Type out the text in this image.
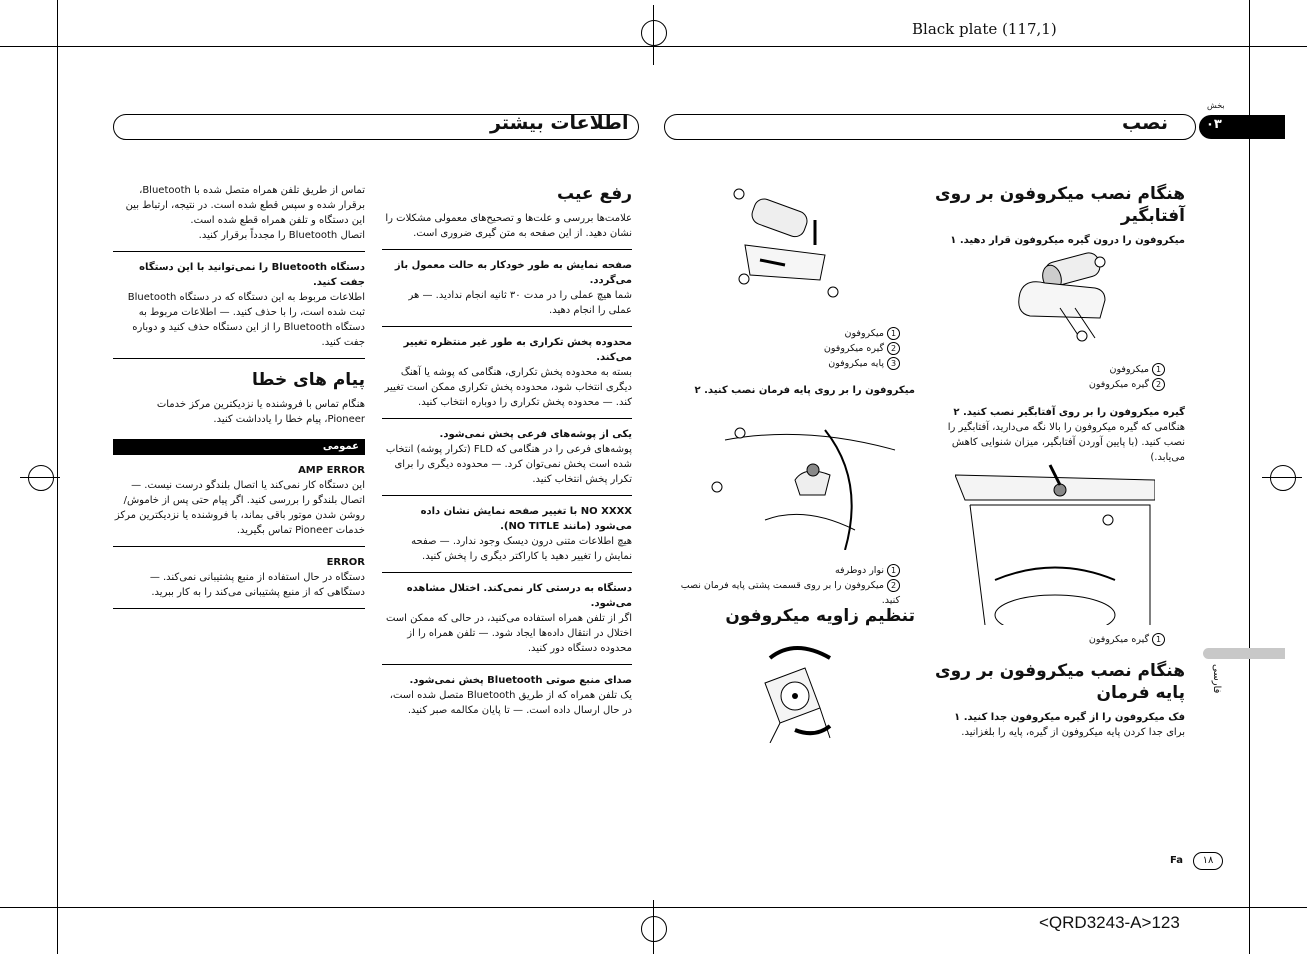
Black plate (117,1)
اطلاعات بیشتر	نصب	۰۳
بخش
هنگام نصب میکروفون بر روی آفتابگیر
میکروفون را درون گیره میکروفون قرار دهید. ۱
1میکروفون
2گیره میکروفون
گیره میکروفون را بر روی آفتابگیر نصب کنید. ۲
هنگامی که گیره میکروفون را بالا نگه می‌دارید، آفتابگیر را نصب کنید. (با پایین آوردن آفتابگیر، میزان شنوایی کاهش می‌یابد.)
1گیره میکروفون
هنگام نصب میکروفون بر روی پایه فرمان
فک میکروفون را از گیره میکروفون جدا کنید. ۱
برای جدا کردن پایه میکروفون از گیره، پایه را بلغزانید.
1میکروفون
2گیره میکروفون
3پایه میکروفون
میکروفون را بر روی پایه فرمان نصب کنید. ۲
1نوار دوطرفه
2میکروفون را بر روی قسمت پشتی پایه فرمان نصب کنید.
تنظیم زاویه میکروفون
رفع عیب
علامت‌ها بررسی و علت‌ها و تصحیح‌های معمولی مشکلات را نشان دهید. از این صفحه به متن گیری ضروری است.
صفحه نمایش به طور خودکار به حالت معمول باز می‌گردد.
شما هیچ عملی را در مدت ۳۰ ثانیه انجام ندادید. — هر عملی را انجام دهید.
محدوده پخش تکراری به طور غیر منتظره تغییر می‌کند.
بسته به محدوده پخش تکراری، هنگامی که پوشه یا آهنگ دیگری انتخاب شود، محدوده پخش تکراری ممکن است تغییر کند. — محدوده پخش تکراری را دوباره انتخاب کنید.
یکی از پوشه‌های فرعی پخش نمی‌شود.
پوشه‌های فرعی را در هنگامی که FLD (تکرار پوشه) انتخاب شده است پخش نمی‌توان کرد. — محدوده دیگری را برای تکرار پخش انتخاب کنید.
NO XXXX با تغییر صفحه نمایش نشان داده می‌شود (مانند NO TITLE).
هیچ اطلاعات متنی درون دیسک وجود ندارد. — صفحه نمایش را تغییر دهید یا کاراکتر دیگری را پخش کنید.
دستگاه به درستی کار نمی‌کند. اختلال مشاهده می‌شود.
اگر از تلفن همراه استفاده می‌کنید، در حالی که ممکن است اختلال در انتقال داده‌ها ایجاد شود. — تلفن همراه را از محدوده دستگاه دور کنید.
صدای منبع صوتی Bluetooth پخش نمی‌شود.
یک تلفن همراه که از طریق Bluetooth متصل شده است، در حال ارسال داده است. — تا پایان مکالمه صبر کنید.
تماس از طریق تلفن همراه متصل شده با Bluetooth، برقرار شده و سپس قطع شده است. در نتیجه، ارتباط بین این دستگاه و تلفن همراه قطع شده است.
اتصال Bluetooth را مجدداً برقرار کنید.
دستگاه Bluetooth را نمی‌توانید با این دستگاه جفت کنید.
اطلاعات مربوط به این دستگاه که در دستگاه Bluetooth ثبت شده است، را با حذف کنید. — اطلاعات مربوط به دستگاه Bluetooth را از این دستگاه حذف کنید و دوباره جفت کنید.
پیام های خطا
هنگام تماس با فروشنده یا نزدیکترین مرکز خدمات Pioneer، پیام خطا را یادداشت کنید.
عمومی
AMP ERROR
این دستگاه کار نمی‌کند یا اتصال بلندگو درست نیست. — اتصال بلندگو را بررسی کنید. اگر پیام حتی پس از خاموش/روشن شدن موتور باقی بماند، با فروشنده یا نزدیکترین مرکز خدمات Pioneer تماس بگیرید.
ERROR
دستگاه در حال استفاده از منبع پشتیبانی نمی‌کند. — دستگاهی که از منبع پشتیبانی می‌کند را به کار ببرید.
فارسی
Fa	۱۸
<QRD3243-A>123
